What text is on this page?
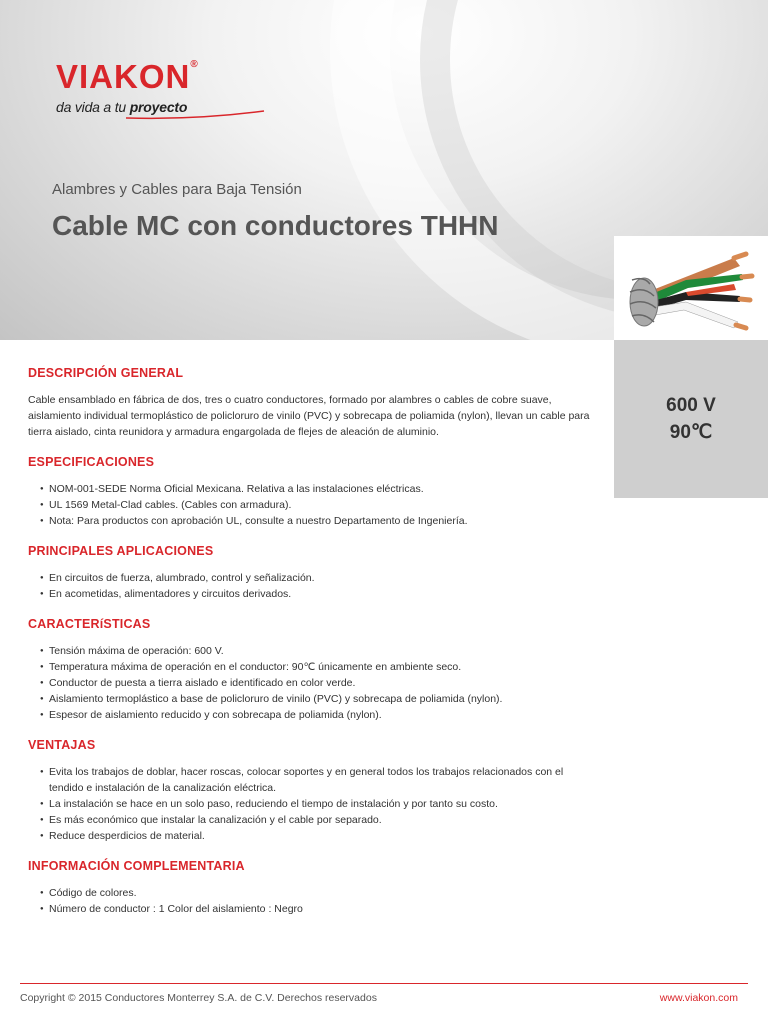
VIAKON®
da vida a tu proyecto
Alambres y Cables para Baja Tensión
Cable MC con conductores THHN
600 V
90℃
DESCRIPCIÓN GENERAL
Cable ensamblado en fábrica de dos, tres o cuatro conductores, formado por alambres o cables de cobre suave, aislamiento individual termoplástico de policloruro de vinilo (PVC) y sobrecapa de poliamida (nylon), llevan un cable para tierra aislado, cinta reunidora y armadura engargolada de flejes de aleación de aluminio.
ESPECIFICACIONES
● NOM-001-SEDE Norma Oficial Mexicana. Relativa a las instalaciones eléctricas.
● UL 1569 Metal-Clad cables. (Cables con armadura).
● Nota: Para productos con aprobación UL, consulte a nuestro Departamento de Ingeniería.
PRINCIPALES APLICACIONES
● En circuitos de fuerza, alumbrado, control y señalización.
● En acometidas, alimentadores y circuitos derivados.
CARACTERíSTICAS
● Tensión máxima de operación: 600 V.
● Temperatura máxima de operación en el conductor: 90℃ únicamente en ambiente seco.
● Conductor de puesta a tierra aislado e identificado en color verde.
● Aislamiento termoplástico a base de policloruro de vinilo (PVC) y sobrecapa de poliamida (nylon).
● Espesor de aislamiento reducido y con sobrecapa de poliamida (nylon).
VENTAJAS
● Evita los trabajos de doblar, hacer roscas, colocar soportes y en general todos los trabajos relacionados con el tendido e instalación de la canalización eléctrica.
● La instalación se hace en un solo paso, reduciendo el tiempo de instalación y por tanto su costo.
● Es más económico que instalar la canalización y el cable por separado.
● Reduce desperdicios de material.
INFORMACIÓN COMPLEMENTARIA
● Código de colores.
● Número de conductor : 1 Color del aislamiento : Negro
Copyright © 2015 Conductores Monterrey S.A. de C.V. Derechos reservados	www.viakon.com
